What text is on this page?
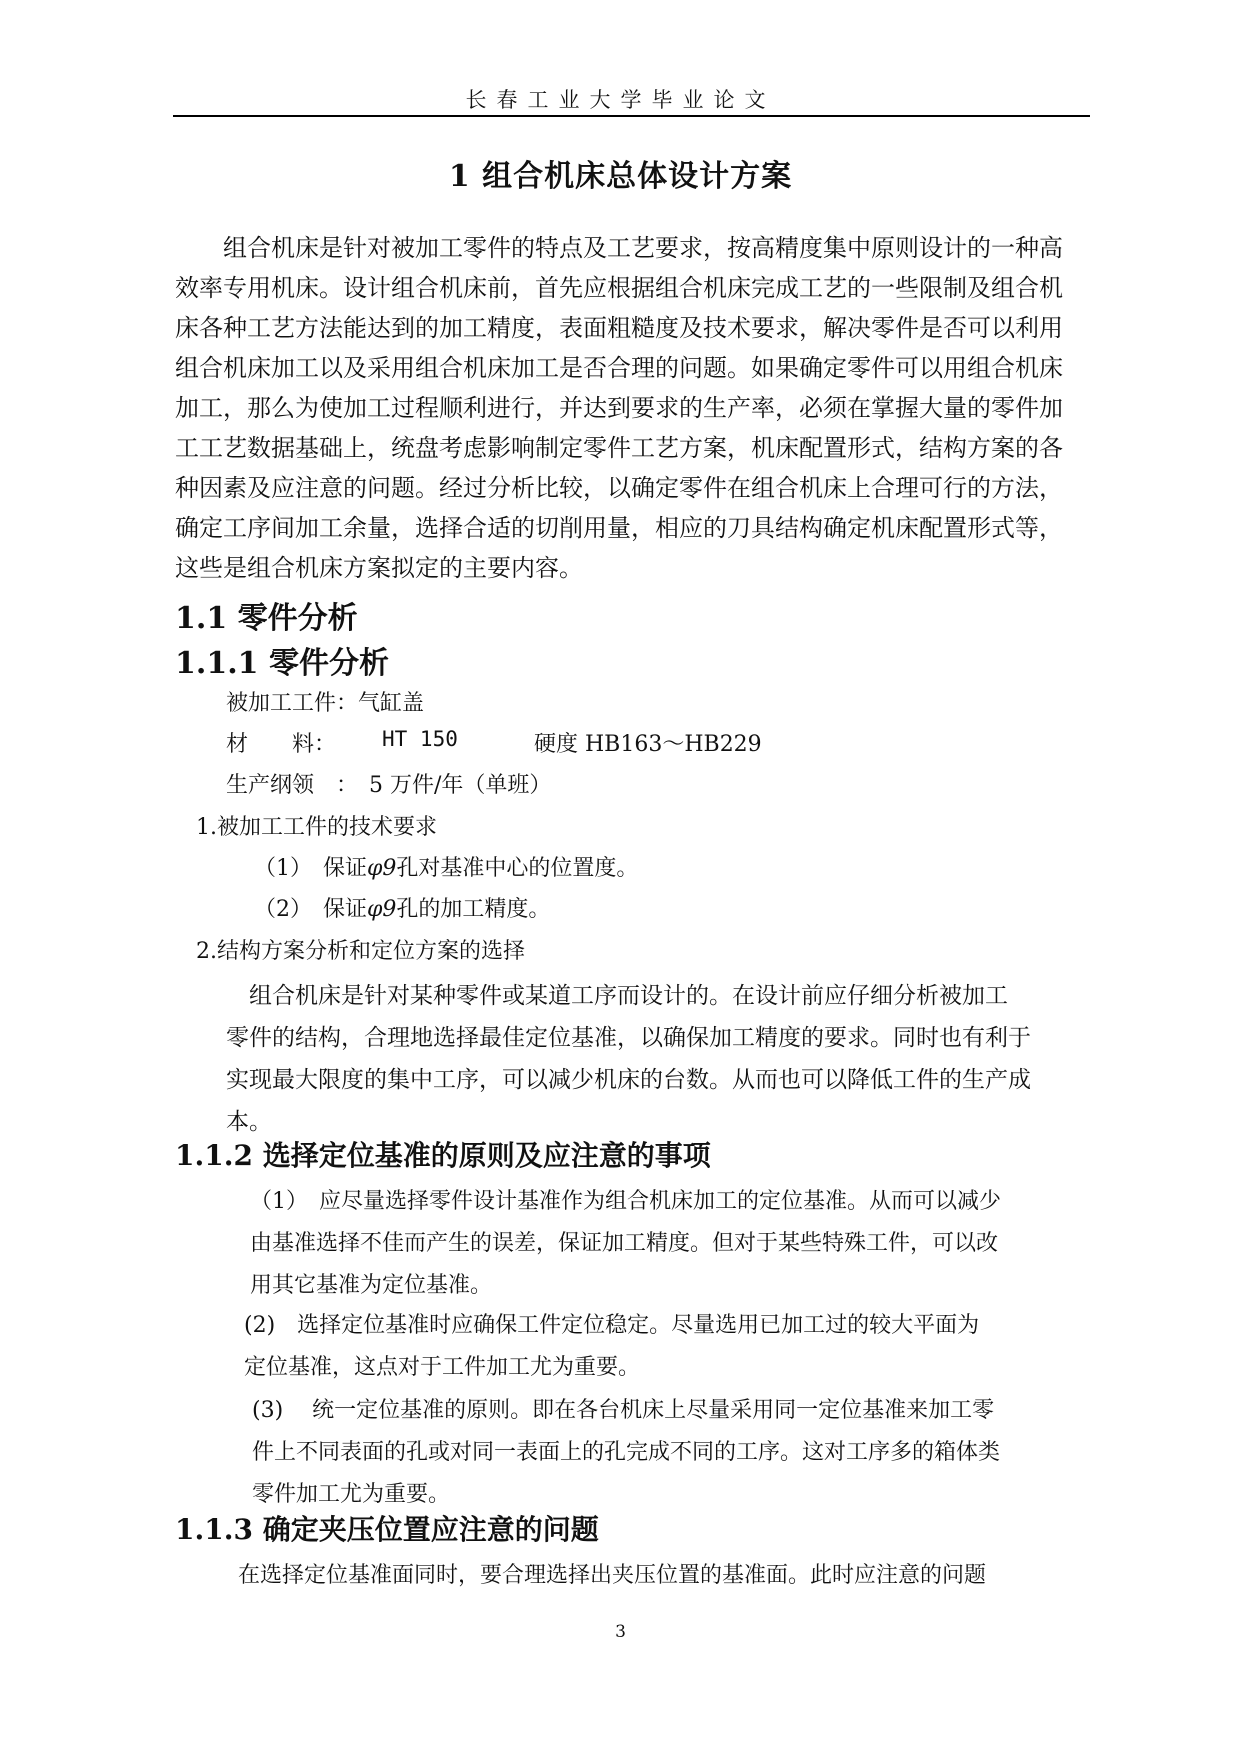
长春工业大学毕业论文
1 组合机床总体设计方案
　　组合机床是针对被加工零件的特点及工艺要求，按高精度集中原则设计的一种高
效率专用机床。设计组合机床前，首先应根据组合机床完成工艺的一些限制及组合机
床各种工艺方法能达到的加工精度，表面粗糙度及技术要求，解决零件是否可以利用
组合机床加工以及采用组合机床加工是否合理的问题。如果确定零件可以用组合机床
加工，那么为使加工过程顺利进行，并达到要求的生产率，必须在掌握大量的零件加
工工艺数据基础上，统盘考虑影响制定零件工艺方案，机床配置形式，结构方案的各
种因素及应注意的问题。经过分析比较，以确定零件在组合机床上合理可行的方法，
确定工序间加工余量，选择合适的切削用量，相应的刀具结构确定机床配置形式等，
这些是组合机床方案拟定的主要内容。
1.1 零件分析
1.1.1 零件分析
被加工工件：气缸盖
材　　料： HT 150	硬度 HB163～HB229
生产纲领　：　5 万件/年（单班）
1.被加工工件的技术要求
（1）　保证φ9孔对基准中心的位置度。
（2）　保证φ9孔的加工精度。
2.结构方案分析和定位方案的选择
　组合机床是针对某种零件或某道工序而设计的。在设计前应仔细分析被加工
零件的结构，合理地选择最佳定位基准，以确保加工精度的要求。同时也有利于
实现最大限度的集中工序，可以减少机床的台数。从而也可以降低工件的生产成
本。
1.1.2 选择定位基准的原则及应注意的事项
（1）　应尽量选择零件设计基准作为组合机床加工的定位基准。从而可以减少
由基准选择不佳而产生的误差，保证加工精度。但对于某些特殊工件，可以改
用其它基准为定位基准。
(2)　选择定位基准时应确保工件定位稳定。尽量选用已加工过的较大平面为
定位基准，这点对于工件加工尤为重要。
(3)　 统一定位基准的原则。即在各台机床上尽量采用同一定位基准来加工零
件上不同表面的孔或对同一表面上的孔完成不同的工序。这对工序多的箱体类
零件加工尤为重要。
1.1.3 确定夹压位置应注意的问题
在选择定位基准面同时，要合理选择出夹压位置的基准面。此时应注意的问题
3
